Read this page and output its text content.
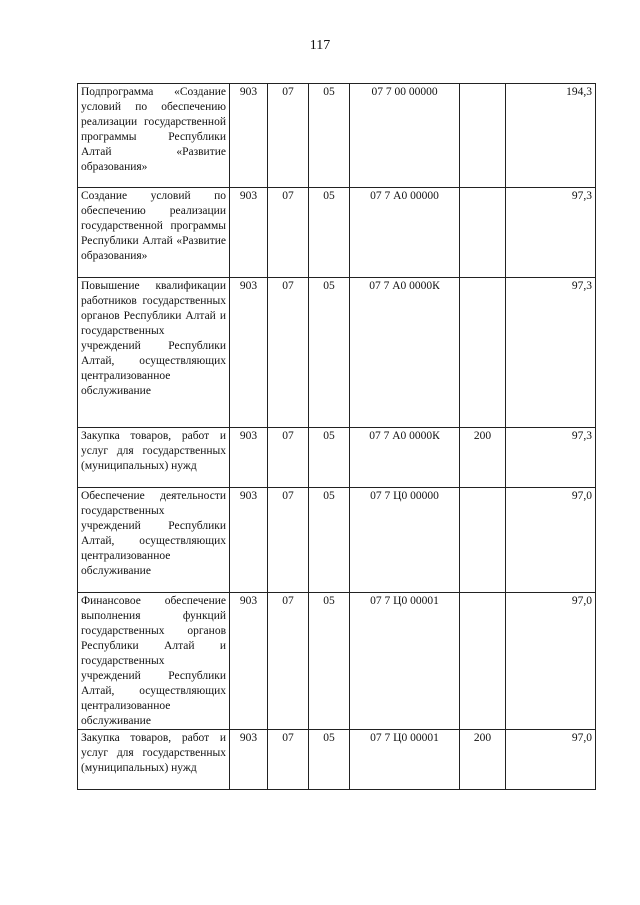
117
Подпрограмма «Создание условий по обеспечению реализации государственной программы Республики Алтай «Развитие образования»	903	07	05	07 7 00 00000		194,3
Создание условий по обеспечению реализации государственной программы Республики Алтай «Развитие образования»	903	07	05	07 7 А0 00000		97,3
Повышение квалификации работников государственных органов Республики Алтай и государственных учреждений Республики Алтай, осуществляющих централизованное обслуживание	903	07	05	07 7 А0 0000К		97,3
Закупка товаров, работ и услуг для государственных (муниципальных) нужд	903	07	05	07 7 А0 0000К	200	97,3
Обеспечение деятельности государственных учреждений Республики Алтай, осуществляющих централизованное обслуживание	903	07	05	07 7 Ц0 00000		97,0
Финансовое обеспечение выполнения функций государственных органов Республики Алтай и государственных учреждений Республики Алтай, осуществляющих централизованное обслуживание	903	07	05	07 7 Ц0 00001		97,0
Закупка товаров, работ и услуг для государственных (муниципальных) нужд	903	07	05	07 7 Ц0 00001	200	97,0
